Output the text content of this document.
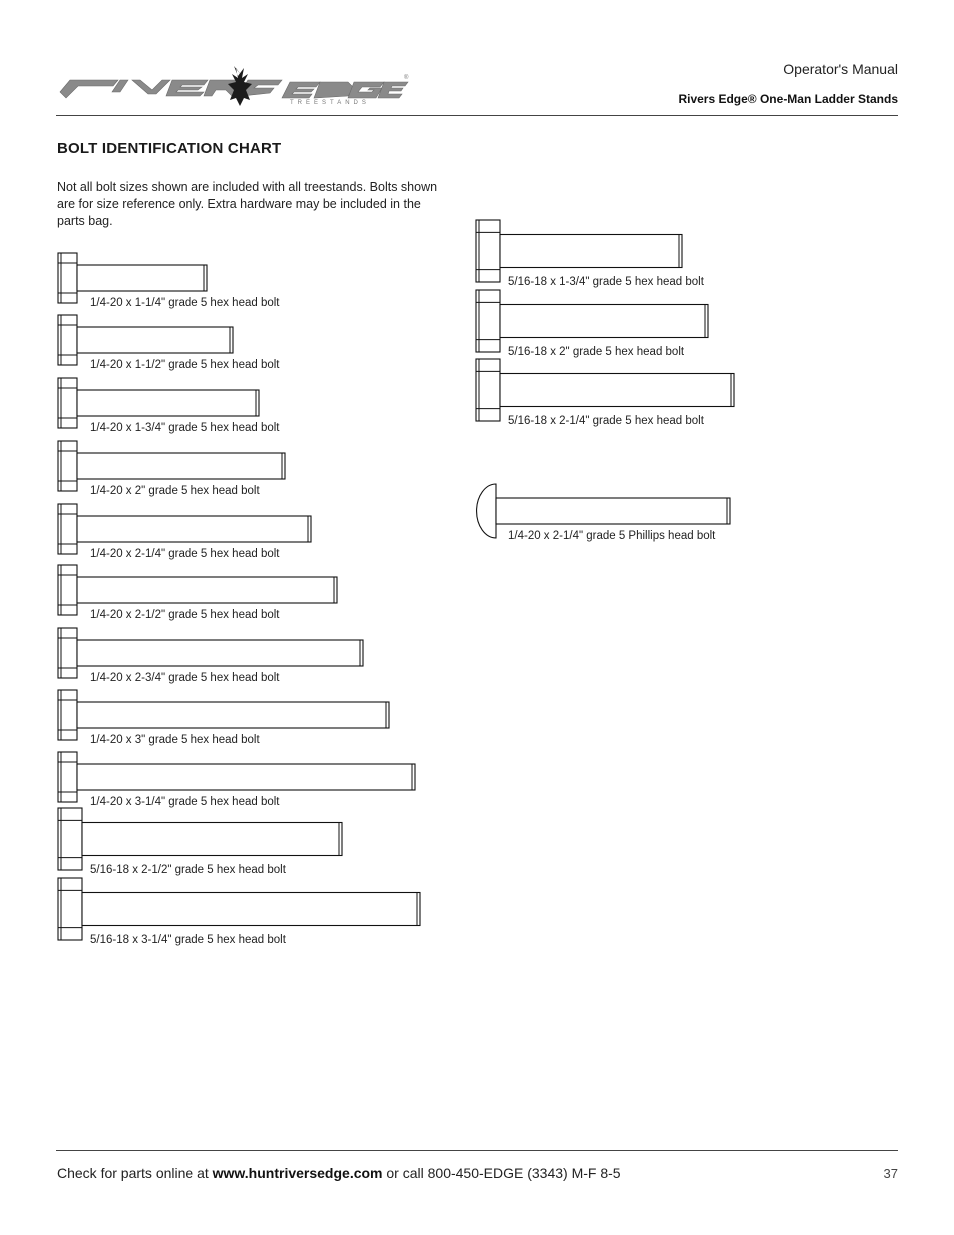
TREESTANDS
®
Operator's Manual
Rivers Edge® One-Man Ladder Stands
BOLT IDENTIFICATION CHART
Not all bolt sizes shown are included with all treestands. Bolts shown are for size reference only. Extra hardware may be included in the parts bag.
1/4-20 x 1-1/4" grade 5 hex head bolt
1/4-20 x 1-1/2" grade 5 hex head bolt
1/4-20 x 1-3/4" grade 5 hex head bolt
1/4-20 x 2" grade 5 hex head bolt
1/4-20 x 2-1/4" grade 5 hex head bolt
1/4-20 x 2-1/2" grade 5 hex head bolt
1/4-20 x 2-3/4" grade 5 hex head bolt
1/4-20 x 3" grade 5 hex head bolt
1/4-20 x 3-1/4" grade 5 hex head bolt
5/16-18 x 2-1/2" grade 5 hex head bolt
5/16-18 x 3-1/4" grade 5 hex head bolt
5/16-18 x 1-3/4" grade 5 hex head bolt
5/16-18 x 2" grade 5 hex head bolt
5/16-18 x 2-1/4" grade 5 hex head bolt
1/4-20 x 2-1/4" grade 5 Phillips head bolt
Check for parts online at www.huntriversedge.com or call 800-450-EDGE (3343) M-F 8-5	37
